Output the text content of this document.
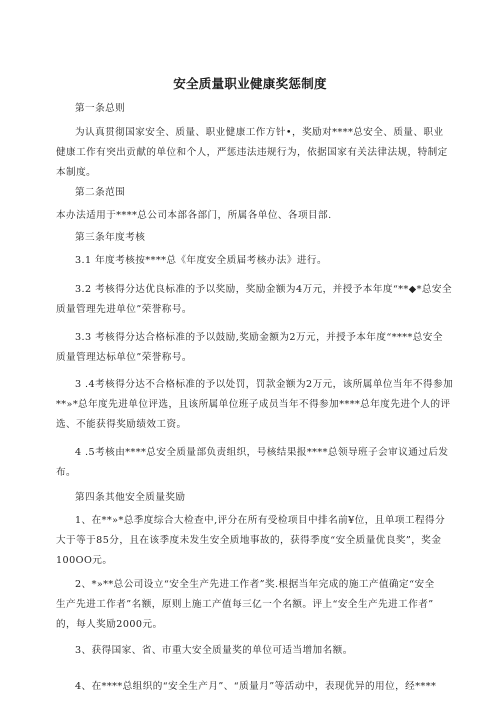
安全质量职业健康奖惩制度
第一条总则
为认真贯彻国家安全、质量、职业健康工作方针•，奖励对****总安全、质量、职业
健康工作有突出贡献的单位和个人，严惩违法违规行为，依据国家有关法律法规，特制定
本制度。
第二条范围
本办法适用于****总公司本部各部门，所属各单位、各项目部.
第三条年度考核
3.1 年度考核按****总《年度安全质届考核办法》进行。
3.2 考核得分达优良标准的予以奖励，奖励金额为4万元，并授予本年度“**◆*总安全
质量管理先进单位”荣誉称号。
3.3 考核得分达合格标准的予以鼓励,奖励金额为2万元，并授予本年度“****总安全
质量管理达标单位”荣誉称号。
3 .4考核得分达不合格标准的予以处罚，罚款金额为2万元，该所属单位当年不得参加
**»*总年度先进单位评选，且该所属单位班子成员当年不得参加****总年度先进个人的评
选、不能获得奖励绩效工资。
4 .5考核由****总安全质量部负责组织，号核结果报****总领导班子会审议通过后发
布。
第四条其他安全质量奖励
1、在**»*总季度综合大检查中,评分在所有受检项目中排名前¥位，且单项工程得分
大于等于85分，且在该季度未发生安全质地事故的，获得季度“安全质量优良奖”，奖金
100OO元。
2、*»**总公司设立“安全生产先进工作者”奖.根据当年完成的施工产值确定“安全
生产先进工作者”名额，原则上施工产值每三亿一个名额。评上“安全生产先进工作者”
的，每人奖励2000元。
3、获得国家、省、市重大安全质量奖的单位可适当增加名额。
4、在****总组织的“安全生产月”、“质量月”等活动中，表现优异的用位，经****
